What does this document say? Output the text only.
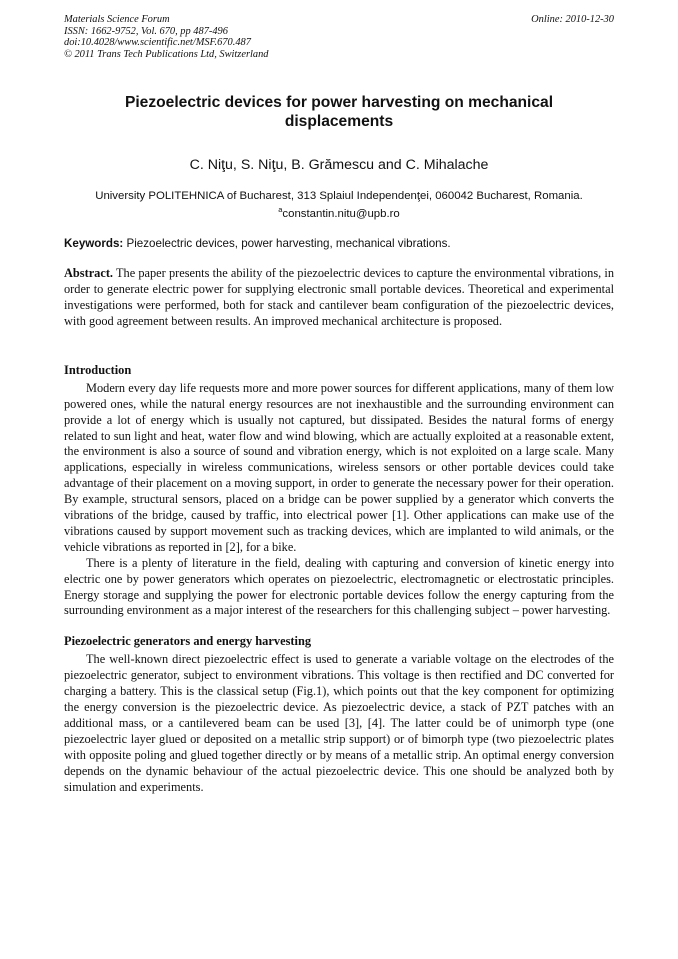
Materials Science Forum
ISSN: 1662-9752, Vol. 670, pp 487-496
doi:10.4028/www.scientific.net/MSF.670.487
© 2011 Trans Tech Publications Ltd, Switzerland
Online: 2010-12-30
Piezoelectric devices for power harvesting on mechanical displacements
C. Niţu, S. Niţu, B. Grămescu and C. Mihalache
University POLITEHNICA of Bucharest, 313 Splaiul Independenţei, 060042 Bucharest, Romania.
$^a$constantin.nitu@upb.ro
Keywords: Piezoelectric devices, power harvesting, mechanical vibrations.

Abstract. The paper presents the ability of the piezoelectric devices to capture the environmental vibrations, in order to generate electric power for supplying electronic small portable devices. Theoretical and experimental investigations were performed, both for stack and cantilever beam configuration of the piezoelectric devices, with good agreement between results. An improved mechanical architecture is proposed.

Introduction

Modern every day life requests more and more power sources for different applications, many of them low powered ones, while the natural energy resources are not inexhaustible and the surrounding environment can provide a lot of energy which is usually not captured, but dissipated. Besides the natural forms of energy related to sun light and heat, water flow and wind blowing, which are actually exploited at a reasonable extent, the environment is also a source of sound and vibration energy, which is not exploited on a large scale. Many applications, especially in wireless communications, wireless sensors or other portable devices could take advantage of their placement on a moving support, in order to generate the necessary power for their operation. By example, structural sensors, placed on a bridge can be power supplied by a generator which converts the vibrations of the bridge, caused by traffic, into electrical power [1]. Other applications can make use of the vibrations caused by support movement such as tracking devices, which are implanted to wild animals, or the vehicle vibrations as reported in [2], for a bike.

There is a plenty of literature in the field, dealing with capturing and conversion of kinetic energy into electric one by power generators which operates on piezoelectric, electromagnetic or electrostatic principles. Energy storage and supplying the power for electronic portable devices follow the energy capturing from the surrounding environment as a major interest of the researchers for this challenging subject – power harvesting.

Piezoelectric generators and energy harvesting

The well-known direct piezoelectric effect is used to generate a variable voltage on the electrodes of the piezoelectric generator, subject to environment vibrations. This voltage is then rectified and DC converted for charging a battery. This is the classical setup (Fig.1), which points out that the key component for optimizing the energy conversion is the piezoelectric device. As piezoelectric device, a stack of PZT patches with an additional mass, or a cantilevered beam can be used [3], [4]. The latter could be of unimorph type (one piezoelectric layer glued or deposited on a metallic strip support) or of bimorph type (two piezoelectric plates with opposite poling and glued together directly or by means of a metallic strip. An optimal energy conversion depends on the dynamic behaviour of the actual piezoelectric device. This one should be analyzed both by simulation and experiments.
